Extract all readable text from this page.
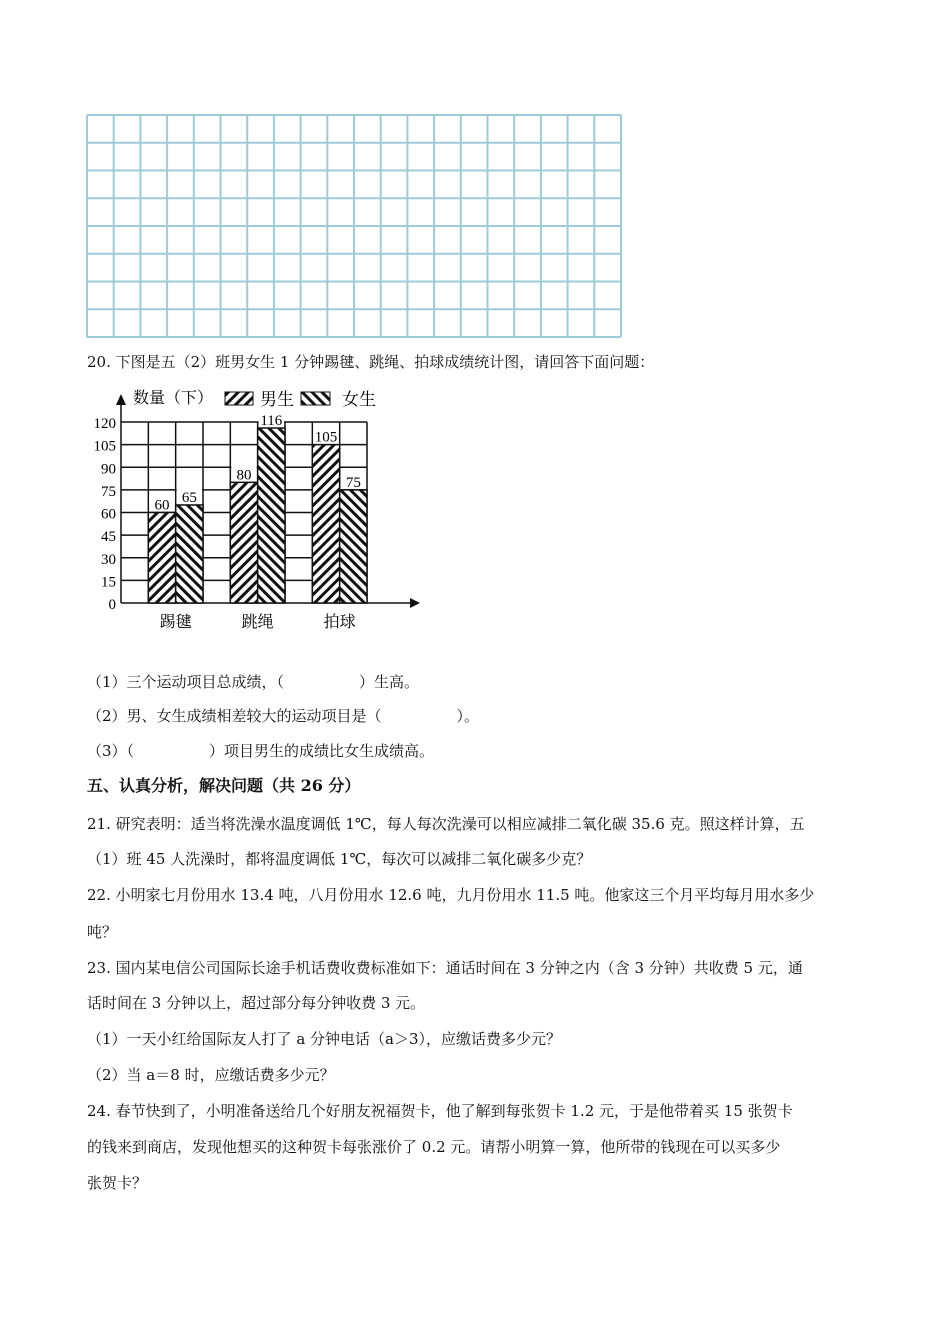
20. 下图是五（2）班男女生 1 分钟踢毽、跳绳、拍球成绩统计图，请回答下面问题：
0
15
30
45
60
75
90
105
120
60 65
踢毽
80
116
跳绳
105
75
拍球
数量（下）	男生	女生
（1）三个运动项目总成绩，（　　　　　）生高。
（2）男、女生成绩相差较大的运动项目是（　　　　　）。
（3）（　　　　　）项目男生的成绩比女生成绩高。
五、认真分析，解决问题（共 26 分）
21. 研究表明：适当将洗澡水温度调低 1℃，每人每次洗澡可以相应减排二氧化碳 35.6 克。照这样计算，五
（1）班 45 人洗澡时，都将温度调低 1℃，每次可以减排二氧化碳多少克？
22. 小明家七月份用水 13.4 吨，八月份用水 12.6 吨，九月份用水 11.5 吨。他家这三个月平均每月用水多少
吨？
23. 国内某电信公司国际长途手机话费收费标准如下：通话时间在 3 分钟之内（含 3 分钟）共收费 5 元，通
话时间在 3 分钟以上，超过部分每分钟收费 3 元。
（1）一天小红给国际友人打了 a 分钟电话（a＞3），应缴话费多少元？
（2）当 a＝8 时，应缴话费多少元？
24. 春节快到了，小明准备送给几个好朋友祝福贺卡，他了解到每张贺卡 1.2 元，于是他带着买 15 张贺卡
的钱来到商店，发现他想买的这种贺卡每张涨价了 0.2 元。请帮小明算一算，他所带的钱现在可以买多少
张贺卡？
